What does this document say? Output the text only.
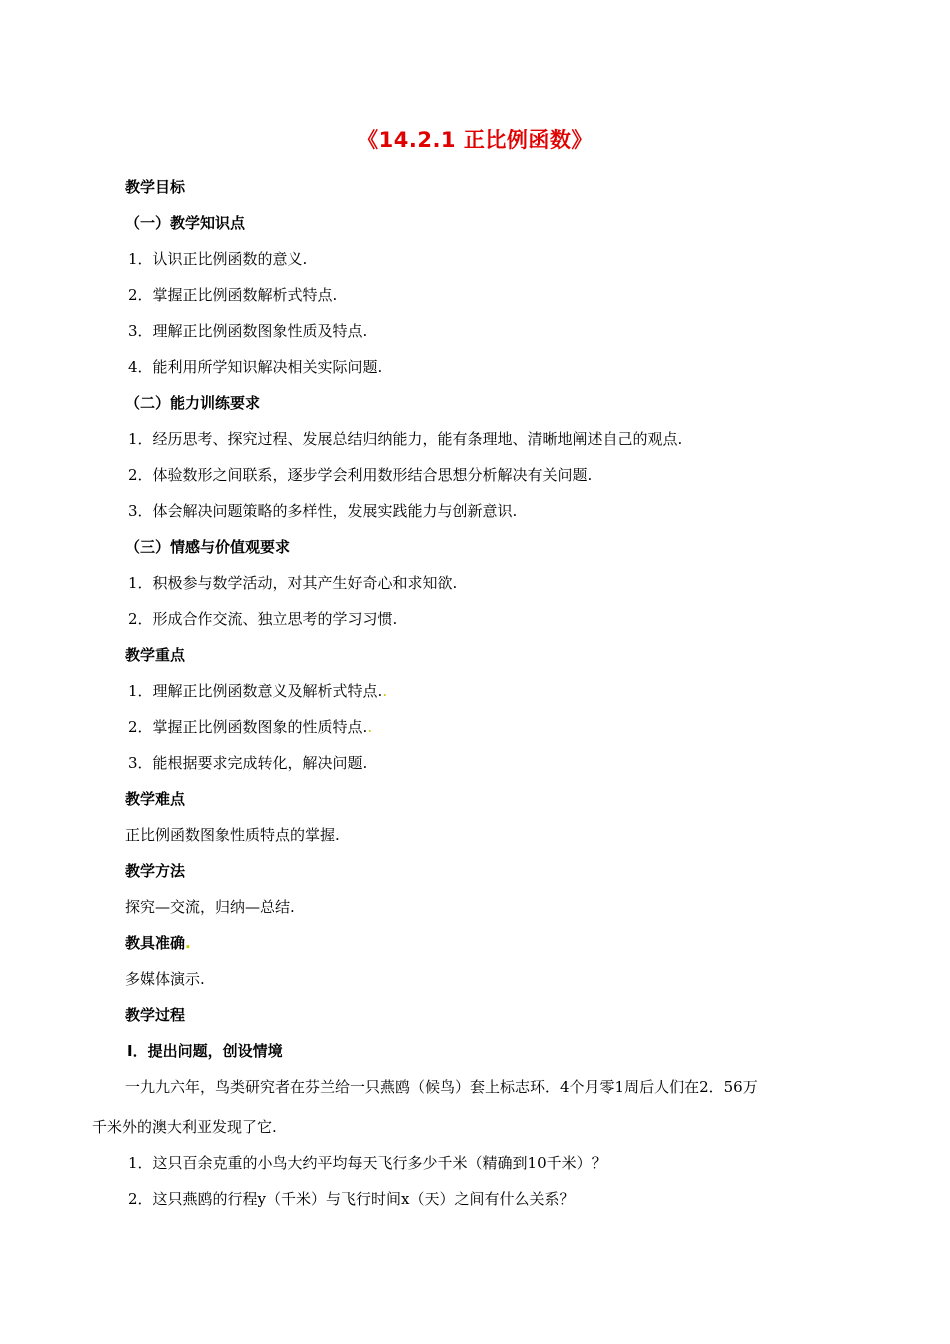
《14.2.1 正比例函数》
教学目标
（一）教学知识点
1．认识正比例函数的意义.
2．掌握正比例函数解析式特点.
3．理解正比例函数图象性质及特点.
4．能利用所学知识解决相关实际问题.
（二）能力训练要求
1．经历思考、探究过程、发展总结归纳能力，能有条理地、清晰地阐述自己的观点.
2．体验数形之间联系，逐步学会利用数形结合思想分析解决有关问题.
3．体会解决问题策略的多样性，发展实践能力与创新意识.
（三）情感与价值观要求
1．积极参与数学活动，对其产生好奇心和求知欲.
2．形成合作交流、独立思考的学习习惯.
教学重点
1．理解正比例函数意义及解析式特点..
2．掌握正比例函数图象的性质特点..
3．能根据要求完成转化，解决问题.
教学难点
正比例函数图象性质特点的掌握.
教学方法
探究—交流，归纳—总结.
教具准确.
多媒体演示.
教学过程
Ⅰ．提出问题，创设情境
一九九六年，鸟类研究者在芬兰给一只燕鸥（候鸟）套上标志环．4个月零1周后人们在2．56万
千米外的澳大利亚发现了它.
1．这只百余克重的小鸟大约平均每天飞行多少千米（精确到10千米）？
2．这只燕鸥的行程y（千米）与飞行时间x（天）之间有什么关系？
